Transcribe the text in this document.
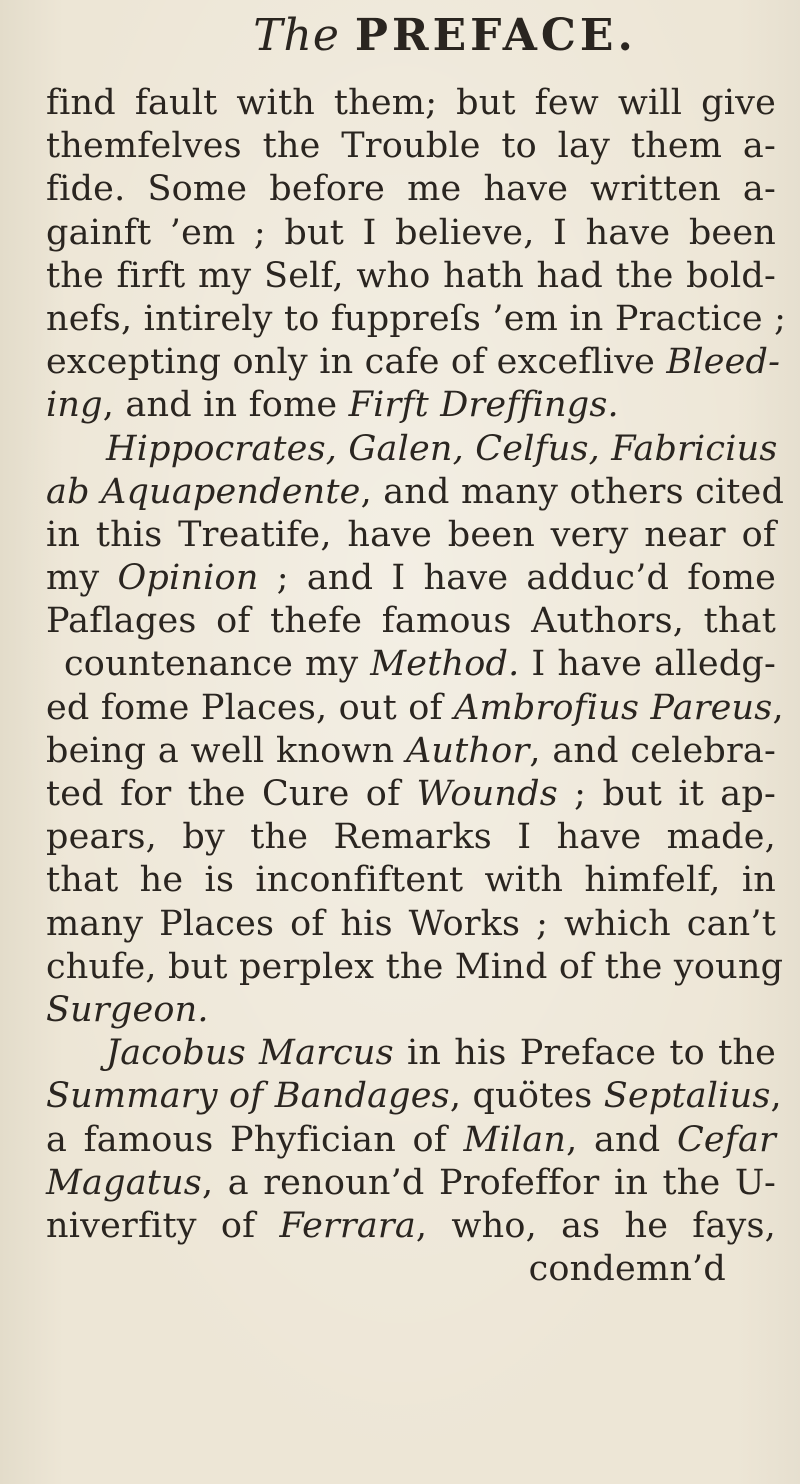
The PREFACE.
find fault with them; but few will give
themfelves the Trouble to lay them a-
fide. Some before me have written a-
gainft ’em ; but I believe, I have been
the firft my Self, who hath had the bold-
nefs, intirely to fuppreſs ’em in Practice ;
excepting only in cafe of exceflive Bleed-
ing, and in fome Firft Dreffings.
Hippocrates, Galen, Celfus, Fabricius
ab Aquapendente, and many others cited
in this Treatife, have been very near of
my Opinion ; and I have adduc’d fome
Paflages of thefe famous Authors, that
countenance my Method. I have alledg-
ed fome Places, out of Ambrofius Pareus,
being a well known Author, and celebra-
ted for the Cure of Wounds ; but it ap-
pears, by the Remarks I have made,
that he is inconfiftent with himfelf, in
many Places of his Works ; which can’t
chufe, but perplex the Mind of the young
Surgeon.
Jacobus Marcus in his Preface to the
Summary of Bandages, quötes Septalius,
a famous Phyfician of Milan, and Cefar
Magatus, a renoun’d Profeffor in the U-
niverfity of Ferrara, who, as he fays,
condemn’d
